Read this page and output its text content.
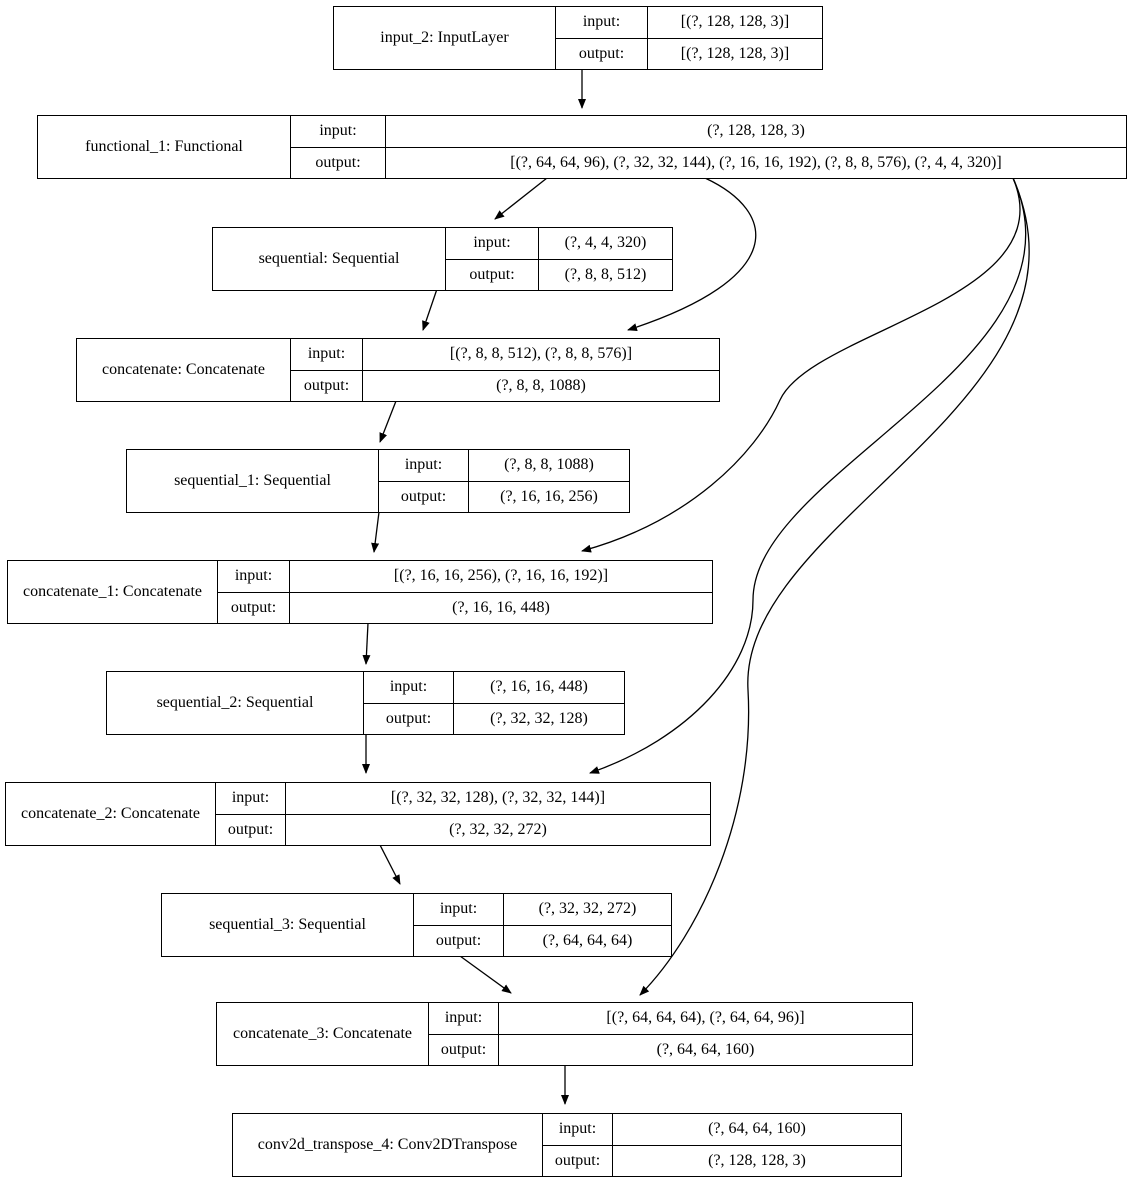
input_2: InputLayer	input:	[(?, 128, 128, 3)]
	output:	[(?, 128, 128, 3)]
functional_1: Functional	input:	(?, 128, 128, 3)
	output:	[(?, 64, 64, 96), (?, 32, 32, 144), (?, 16, 16, 192), (?, 8, 8, 576), (?, 4, 4, 320)]
sequential: Sequential	input:	(?, 4, 4, 320)
	output:	(?, 8, 8, 512)
concatenate: Concatenate	input:	[(?, 8, 8, 512), (?, 8, 8, 576)]
	output:	(?, 8, 8, 1088)
sequential_1: Sequential	input:	(?, 8, 8, 1088)
	output:	(?, 16, 16, 256)
concatenate_1: Concatenate	input:	[(?, 16, 16, 256), (?, 16, 16, 192)]
	output:	(?, 16, 16, 448)
sequential_2: Sequential	input:	(?, 16, 16, 448)
	output:	(?, 32, 32, 128)
concatenate_2: Concatenate	input:	[(?, 32, 32, 128), (?, 32, 32, 144)]
	output:	(?, 32, 32, 272)
sequential_3: Sequential	input:	(?, 32, 32, 272)
	output:	(?, 64, 64, 64)
concatenate_3: Concatenate	input:	[(?, 64, 64, 64), (?, 64, 64, 96)]
	output:	(?, 64, 64, 160)
conv2d_transpose_4: Conv2DTranspose	input:	(?, 64, 64, 160)
	output:	(?, 128, 128, 3)
